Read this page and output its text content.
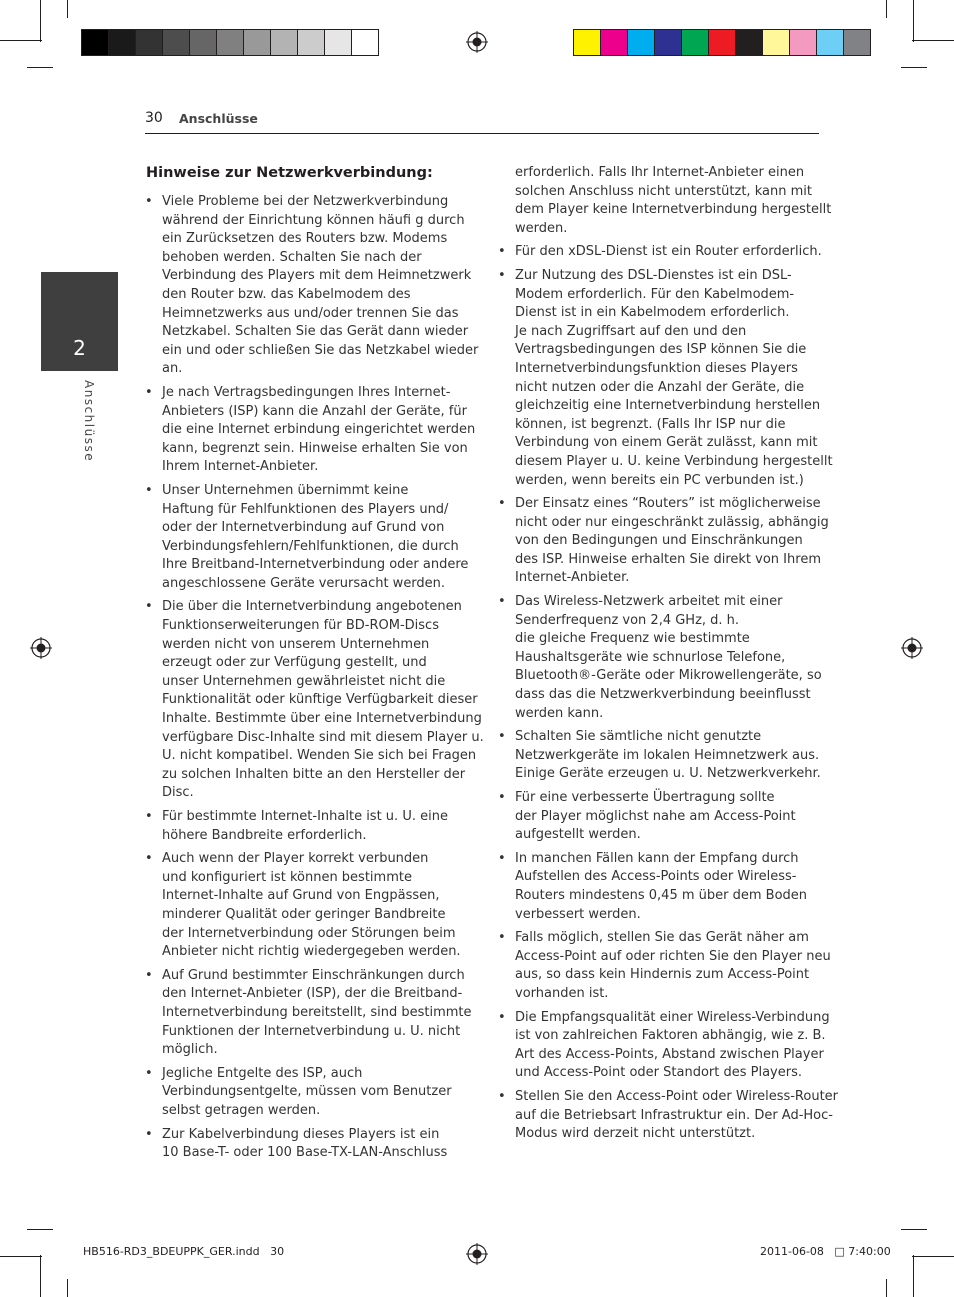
30 Anschlüsse
2
Anschlüsse
Hinweise zur Netzwerkverbindung:
• Viele Probleme bei der Netzwerkverbindung
während der Einrichtung können häufi g durch
ein Zurücksetzen des Routers bzw. Modems
behoben werden. Schalten Sie nach der
Verbindung des Players mit dem Heimnetzwerk
den Router bzw. das Kabelmodem des
Heimnetzwerks aus und/oder trennen Sie das
Netzkabel. Schalten Sie das Gerät dann wieder
ein und oder schließen Sie das Netzkabel wieder
an.
• Je nach Vertragsbedingungen Ihres Internet-
Anbieters (ISP) kann die Anzahl der Geräte, für
die eine Internet erbindung eingerichtet werden
kann, begrenzt sein. Hinweise erhalten Sie von
Ihrem Internet-Anbieter.
• Unser Unternehmen übernimmt keine
Haftung für Fehlfunktionen des Players und/
oder der Internetverbindung auf Grund von
Verbindungsfehlern/Fehlfunktionen, die durch
Ihre Breitband-Internetverbindung oder andere
angeschlossene Geräte verursacht werden.
• Die über die Internetverbindung angebotenen
Funktionserweiterungen für BD-ROM-Discs
werden nicht von unserem Unternehmen
erzeugt oder zur Verfügung gestellt, und
unser Unternehmen gewährleistet nicht die
Funktionalität oder künftige Verfügbarkeit dieser
Inhalte. Bestimmte über eine Internetverbindung
verfügbare Disc-Inhalte sind mit diesem Player u.
U. nicht kompatibel. Wenden Sie sich bei Fragen
zu solchen Inhalten bitte an den Hersteller der
Disc.
• Für bestimmte Internet-Inhalte ist u. U. eine
höhere Bandbreite erforderlich.
• Auch wenn der Player korrekt verbunden
und konfiguriert ist können bestimmte
Internet-Inhalte auf Grund von Engpässen,
minderer Qualität oder geringer Bandbreite
der Internetverbindung oder Störungen beim
Anbieter nicht richtig wiedergegeben werden.
• Auf Grund bestimmter Einschränkungen durch
den Internet-Anbieter (ISP), der die Breitband-
Internetverbindung bereitstellt, sind bestimmte
Funktionen der Internetverbindung u. U. nicht
möglich.
• Jegliche Entgelte des ISP, auch
Verbindungsentgelte, müssen vom Benutzer
selbst getragen werden.
• Zur Kabelverbindung dieses Players ist ein
10 Base-T- oder 100 Base-TX-LAN-Anschluss

erforderlich. Falls Ihr Internet-Anbieter einen
solchen Anschluss nicht unterstützt, kann mit
dem Player keine Internetverbindung hergestellt
werden.

• Für den xDSL-Dienst ist ein Router erforderlich.
• Zur Nutzung des DSL-Dienstes ist ein DSL-
Modem erforderlich. Für den Kabelmodem-
Dienst ist in ein Kabelmodem erforderlich.
Je nach Zugriffsart auf den und den
Vertragsbedingungen des ISP können Sie die
Internetverbindungsfunktion dieses Players
nicht nutzen oder die Anzahl der Geräte, die
gleichzeitig eine Internetverbindung herstellen
können, ist begrenzt. (Falls Ihr ISP nur die
Verbindung von einem Gerät zulässt, kann mit
diesem Player u. U. keine Verbindung hergestellt
werden, wenn bereits ein PC verbunden ist.)
• Der Einsatz eines “Routers” ist möglicherweise
nicht oder nur eingeschränkt zulässig, abhängig
von den Bedingungen und Einschränkungen
des ISP. Hinweise erhalten Sie direkt von Ihrem
Internet-Anbieter.
• Das Wireless-Netzwerk arbeitet mit einer
Senderfrequenz von 2,4 GHz, d. h.
die gleiche Frequenz wie bestimmte
Haushaltsgeräte wie schnurlose Telefone,
Bluetooth®-Geräte oder Mikrowellengeräte, so
dass das die Netzwerkverbindung beeinflusst
werden kann.
• Schalten Sie sämtliche nicht genutzte
Netzwerkgeräte im lokalen Heimnetzwerk aus.
Einige Geräte erzeugen u. U. Netzwerkverkehr.
• Für eine verbesserte Übertragung sollte
der Player möglichst nahe am Access-Point
aufgestellt werden.
• In manchen Fällen kann der Empfang durch
Aufstellen des Access-Points oder Wireless-
Routers mindestens 0,45 m über dem Boden
verbessert werden.
• Falls möglich, stellen Sie das Gerät näher am
Access-Point auf oder richten Sie den Player neu
aus, so dass kein Hindernis zum Access-Point
vorhanden ist.
• Die Empfangsqualität einer Wireless-Verbindung
ist von zahlreichen Faktoren abhängig, wie z. B.
Art des Access-Points, Abstand zwischen Player
und Access-Point oder Standort des Players.
• Stellen Sie den Access-Point oder Wireless-Router
auf die Betriebsart Infrastruktur ein. Der Ad-Hoc-
Modus wird derzeit nicht unterstützt.
HB516-RD3_BDEUPPK_GER.indd   30	2011-06-08   □ 7:40:00
